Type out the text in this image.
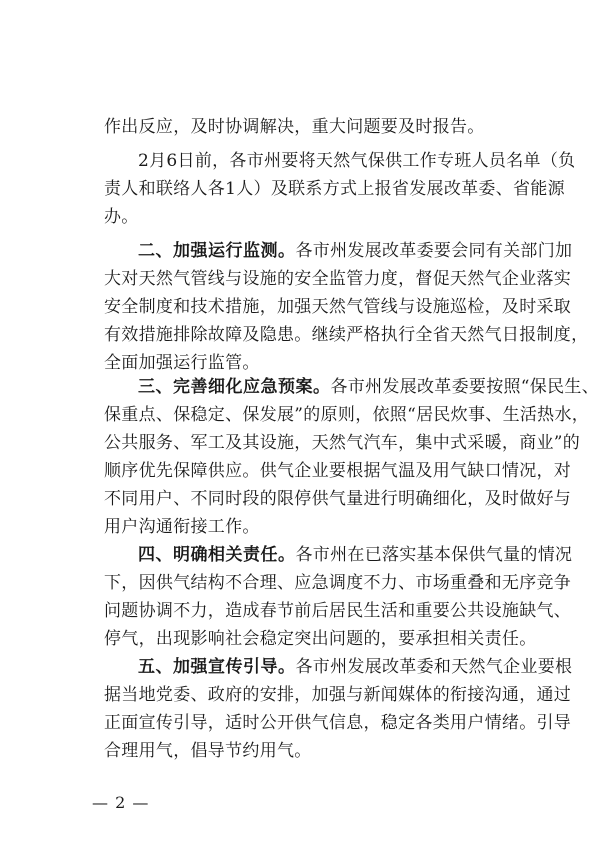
作出反应，及时协调解决，重大问题要及时报告。
2月6日前，各市州要将天然气保供工作专班人员名单（负
责人和联络人各1人）及联系方式上报省发展改革委、省能源
办。
二、加强运行监测。各市州发展改革委要会同有关部门加
大对天然气管线与设施的安全监管力度，督促天然气企业落实
安全制度和技术措施，加强天然气管线与设施巡检，及时采取
有效措施排除故障及隐患。继续严格执行全省天然气日报制度，
全面加强运行监管。
三、完善细化应急预案。各市州发展改革委要按照“保民生、
保重点、保稳定、保发展”的原则，依照“居民炊事、生活热水，
公共服务、军工及其设施，天然气汽车，集中式采暖，商业”的
顺序优先保障供应。供气企业要根据气温及用气缺口情况，对
不同用户、不同时段的限停供气量进行明确细化，及时做好与
用户沟通衔接工作。
四、明确相关责任。各市州在已落实基本保供气量的情况
下，因供气结构不合理、应急调度不力、市场重叠和无序竞争
问题协调不力，造成春节前后居民生活和重要公共设施缺气、
停气，出现影响社会稳定突出问题的，要承担相关责任。
五、加强宣传引导。各市州发展改革委和天然气企业要根
据当地党委、政府的安排，加强与新闻媒体的衔接沟通，通过
正面宣传引导，适时公开供气信息，稳定各类用户情绪。引导
合理用气，倡导节约用气。
— 2 —
